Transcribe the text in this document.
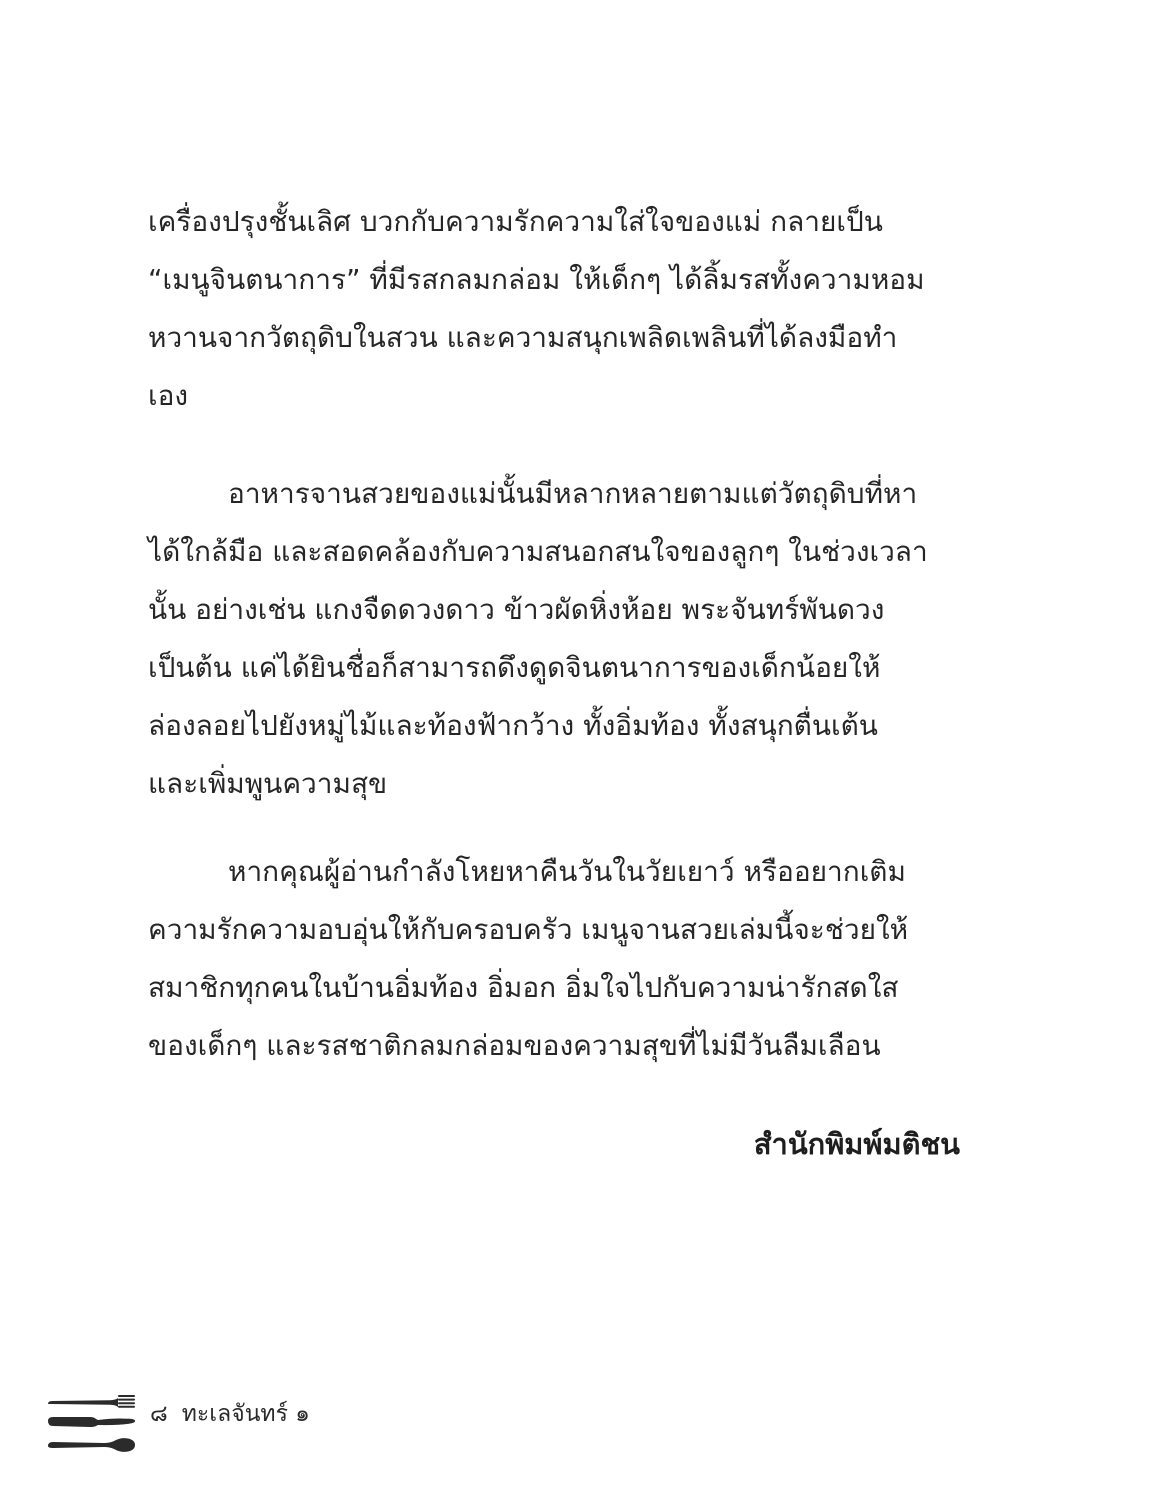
เครื่องปรุงชั้นเลิศ บวกกับความรักความใส่ใจของแม่ กลายเป็น
“เมนูจินตนาการ” ที่มีรสกลมกล่อม ให้เด็กๆ ได้ลิ้มรสทั้งความหอม
หวานจากวัตถุดิบในสวน และความสนุกเพลิดเพลินที่ได้ลงมือทำ
เอง
อาหารจานสวยของแม่นั้นมีหลากหลายตามแต่วัตถุดิบที่หา
ได้ใกล้มือ และสอดคล้องกับความสนอกสนใจของลูกๆ ในช่วงเวลา
นั้น อย่างเช่น แกงจืดดวงดาว ข้าวผัดหิ่งห้อย พระจันทร์พันดวง
เป็นต้น แค่ได้ยินชื่อก็สามารถดึงดูดจินตนาการของเด็กน้อยให้
ล่องลอยไปยังหมู่ไม้และท้องฟ้ากว้าง ทั้งอิ่มท้อง ทั้งสนุกตื่นเต้น
และเพิ่มพูนความสุข
หากคุณผู้อ่านกำลังโหยหาคืนวันในวัยเยาว์ หรืออยากเติม
ความรักความอบอุ่นให้กับครอบครัว เมนูจานสวยเล่มนี้จะช่วยให้
สมาชิกทุกคนในบ้านอิ่มท้อง อิ่มอก อิ่มใจไปกับความน่ารักสดใส
ของเด็กๆ และรสชาติกลมกล่อมของความสุขที่ไม่มีวันลืมเลือน
สำนักพิมพ์มติชน
๘ ทะเลจันทร์ ๑
